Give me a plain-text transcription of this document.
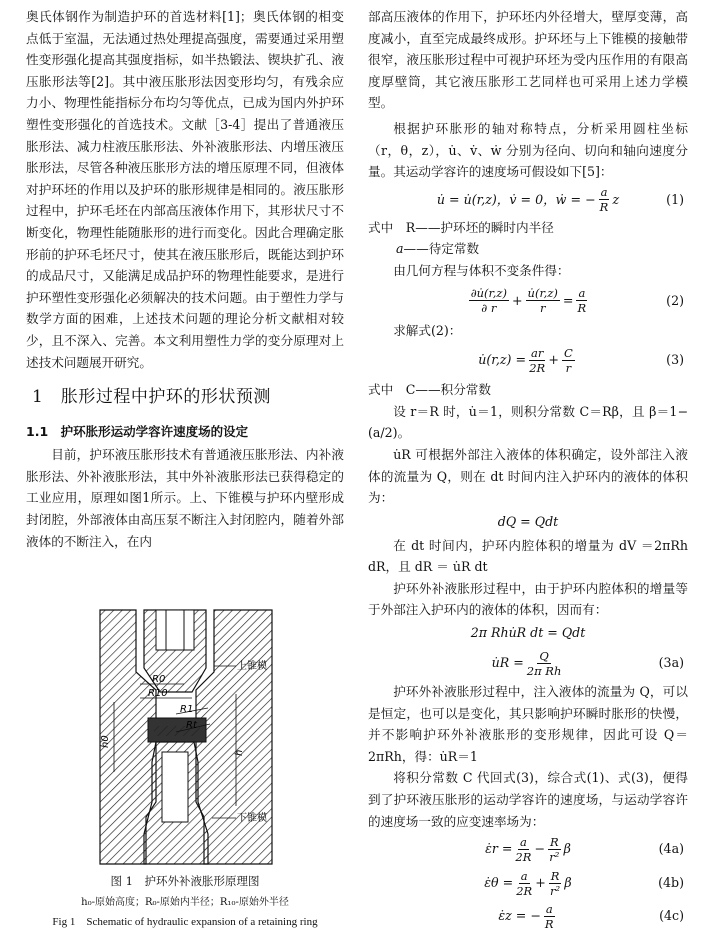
奥氏体钢作为制造护环的首选材料[1]；奥氏体钢的相变点低于室温，无法通过热处理提高强度，需要通过采用塑性变形强化提高其强度指标，如半热锻法、锲块扩孔、液压胀形法等[2]。其中液压胀形法因变形均匀，有残余应力小、物理性能指标分布均匀等优点，已成为国内外护环塑性变形强化的首选技术。文献［3-4］提出了普通液压胀形法、减力柱液压胀形法、外补液胀形法、内增压液压胀形法，尽管各种液压胀形方法的增压原理不同，但液体对护环坯的作用以及护环的胀形规律是相同的。液压胀形过程中，护环毛坯在内部高压液体作用下，其形状尺寸不断变化，物理性能随胀形的进行而变化。因此合理确定胀形前的护环毛坯尺寸，使其在液压胀形后，既能达到护环的成品尺寸，又能满足成品护环的物理性能要求，是进行护环塑性变形强化必须解决的技术问题。由于塑性力学与数学方面的困难，上述技术问题的理论分析文献相对较少，且不深入、完善。本文利用塑性力学的变分原理对上述技术问题展开研究。

1　胀形过程中护环的形状预测
1.1　护环胀形运动学容许速度场的设定

目前，护环液压胀形技术有普通液压胀形法、内补液胀形法、外补液胀形法，其中外补液胀形法已获得稳定的工业应用，原理如图1所示。上、下锥模与护环内壁形成封闭腔，外部液体由高压泵不断注入封闭腔内，随着外部液体的不断注入，在内

上锥模
下锥模
R0
R10
R1
Rt
h0
h
图 1　护环外补液胀形原理图
h₀-原始高度；R₀-原始内半径；R₁₀-原始外半径
Fig 1　Schematic of hydraulic expansion of a retaining ring

部高压液体的作用下，护环坯内外径增大，壁厚变薄，高度减小，直至完成最终成形。护环坯与上下锥模的接触带很窄，液压胀形过程中可视护环坯为受内压作用的有限高度厚壁筒，其它液压胀形工艺同样也可采用上述力学模型。

根据护环胀形的轴对称特点，分析采用圆柱坐标（r，θ，z），u̇、v̇、ẇ 分别为径向、切向和轴向速度分量。其运动学容许的速度场可假设如下[5]：

u̇ = u̇(r,z)，v̇ = 0，ẇ = − $\frac{a}{R}$ z	(1)
式中　R——护环坯的瞬时内半径
a——待定常数

由几何方程与体积不变条件得：

$\frac{\partial u̇(r,z)}{\partial r} + \frac{u̇(r,z)}{r} = \frac{a}{R}$	(2)

求解式(2)：

u̇(r,z) = $\frac{ar}{2R} + \frac{C}{r}$	(3)
式中　C——积分常数

设 r＝R 时，u̇＝1，则积分常数 C＝Rβ，且 β＝1−(a/2)。

u̇R 可根据外部注入液体的体积确定，设外部注入液体的流量为 Q，则在 dt 时间内注入护环内的液体的体积为：

dQ = Qdt

在 dt 时间内，护环内腔体积的增量为 dV ＝2πRh dR，且 dR ＝ u̇R dt

护环外补液胀形过程中，由于护环内腔体积的增量等于外部注入护环内的液体的体积，因而有：

2π Rhu̇R dt = Qdt
u̇R = $\frac{Q}{\text{2π Rh}}$	(3a)

护环外补液胀形过程中，注入液体的流量为 Q，可以是恒定，也可以是变化，其只影响护环瞬时胀形的快慢，并不影响护环外补液胀形的变形规律，因此可设 Q＝2πRh，得：u̇R＝1

将积分常数 C 代回式(3)，综合式(1)、式(3)，便得到了护环液压胀形的运动学容许的速度场，与运动学容许的速度场一致的应变速率场为：

ε̇r = $\frac{a}{2R} - \frac{R}{\text{r²}}$ β	(4a)
ε̇θ = $\frac{a}{2R} + \frac{R}{\text{r²}}$ β	(4b)
ε̇z = − $\frac{a}{R}$	(4c)
